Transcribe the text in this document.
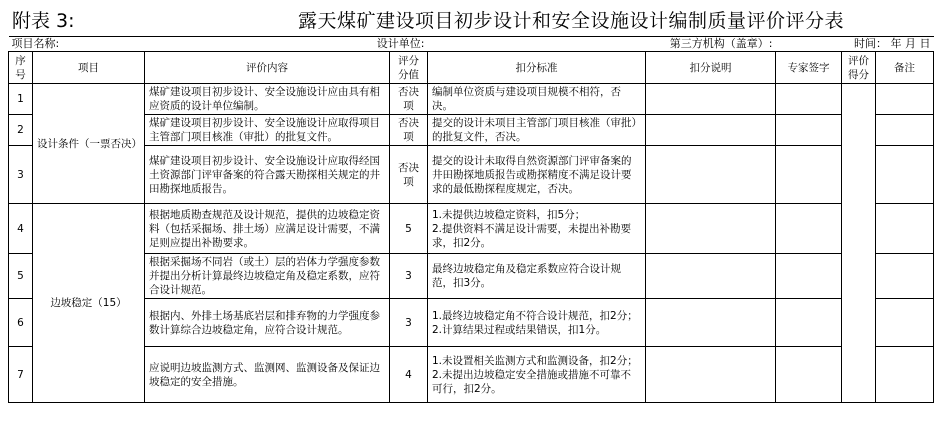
附表 3:	露天煤矿建设项目初步设计和安全设施设计编制质量评价评分表
项目名称:		设计单位:		第三方机构（盖章）:		时间： 年 月 日		
序号	项目	评价内容	评分分值	扣分标准	扣分说明	专家签字	评价得分	备注
1	设计条件（一票否决）	煤矿建设项目初步设计、安全设施设计应由具有相应资质的设计单位编制。	否决项	编制单位资质与建设项目规模不相符，否决。				
2		煤矿建设项目初步设计、安全设施设计应取得项目主管部门项目核准（审批）的批复文件。	否决项	提交的设计未项目主管部门项目核准（审批）的批复文件，否决。				
3		煤矿建设项目初步设计、安全设施设计应取得经国土资源部门评审备案的符合露天勘探相关规定的井田勘探地质报告。	否决项	提交的设计未取得自然资源部门评审备案的井田勘探地质报告或勘探精度不满足设计要求的最低勘探程度规定，否决。				
4	边坡稳定（15）	根据地质勘查规范及设计规范，提供的边坡稳定资料（包括采掘场、排土场）应满足设计需要，不满足则应提出补勘要求。	5	1.未提供边坡稳定资料，扣5分；
2.提供资料不满足设计需要，未提出补勘要求，扣2分。				

5		根据采掘场不同岩（或土）层的岩体力学强度参数并提出分析计算最终边坡稳定角及稳定系数，应符合设计规范。	3	最终边坡稳定角及稳定系数应符合设计规范，扣3分。				
6		根据内、外排土场基底岩层和排弃物的力学强度参数计算综合边坡稳定角，应符合设计规范。	3	1.最终边坡稳定角不符合设计规范，扣2分；
2.计算结果过程或结果错误，扣1分。				

7		应说明边坡监测方式、监测网、监测设备及保证边坡稳定的安全措施。	4	1.未设置相关监测方式和监测设备，扣2分；
2.未提出边坡稳定安全措施或措施不可靠不可行，扣2分。				
